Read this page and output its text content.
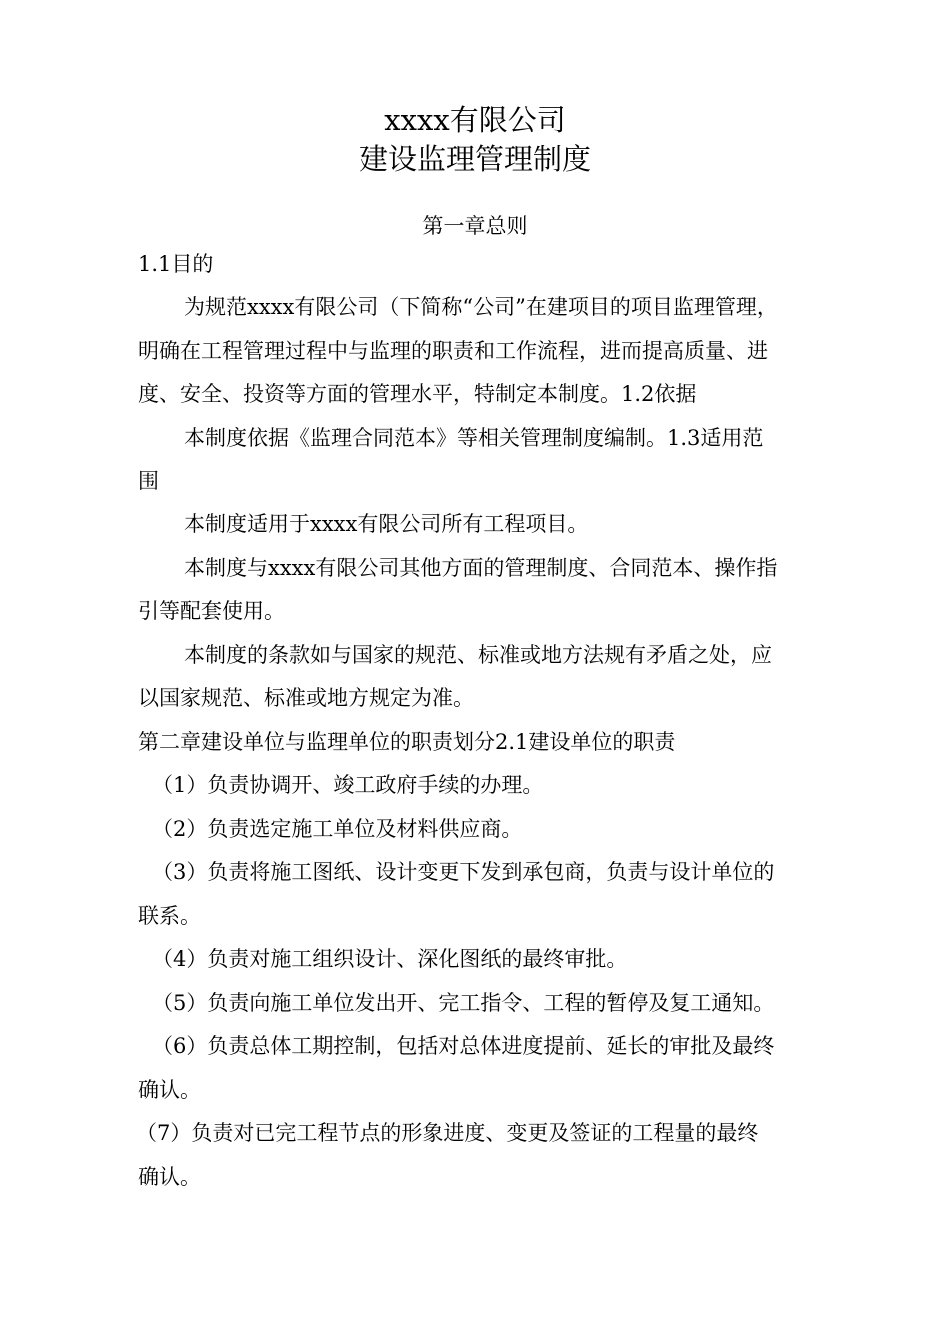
xxxx有限公司
建设监理管理制度
第一章总则
1.1目的
为规范xxxx有限公司（下简称“公司”在建项目的项目监理管理，
明确在工程管理过程中与监理的职责和工作流程，进而提高质量、进
度、安全、投资等方面的管理水平，特制定本制度。1.2依据
本制度依据《监理合同范本》等相关管理制度编制。1.3适用范
围
本制度适用于xxxx有限公司所有工程项目。
本制度与xxxx有限公司其他方面的管理制度、合同范本、操作指
引等配套使用。
本制度的条款如与国家的规范、标准或地方法规有矛盾之处，应
以国家规范、标准或地方规定为准。
第二章建设单位与监理单位的职责划分2.1建设单位的职责
（1）负责协调开、竣工政府手续的办理。
（2）负责选定施工单位及材料供应商。
（3）负责将施工图纸、设计变更下发到承包商，负责与设计单位的
联系。
（4）负责对施工组织设计、深化图纸的最终审批。
（5）负责向施工单位发出开、完工指令、工程的暂停及复工通知。
（6）负责总体工期控制，包括对总体进度提前、延长的审批及最终
确认。
（7）负责对已完工程节点的形象进度、变更及签证的工程量的最终
确认。
